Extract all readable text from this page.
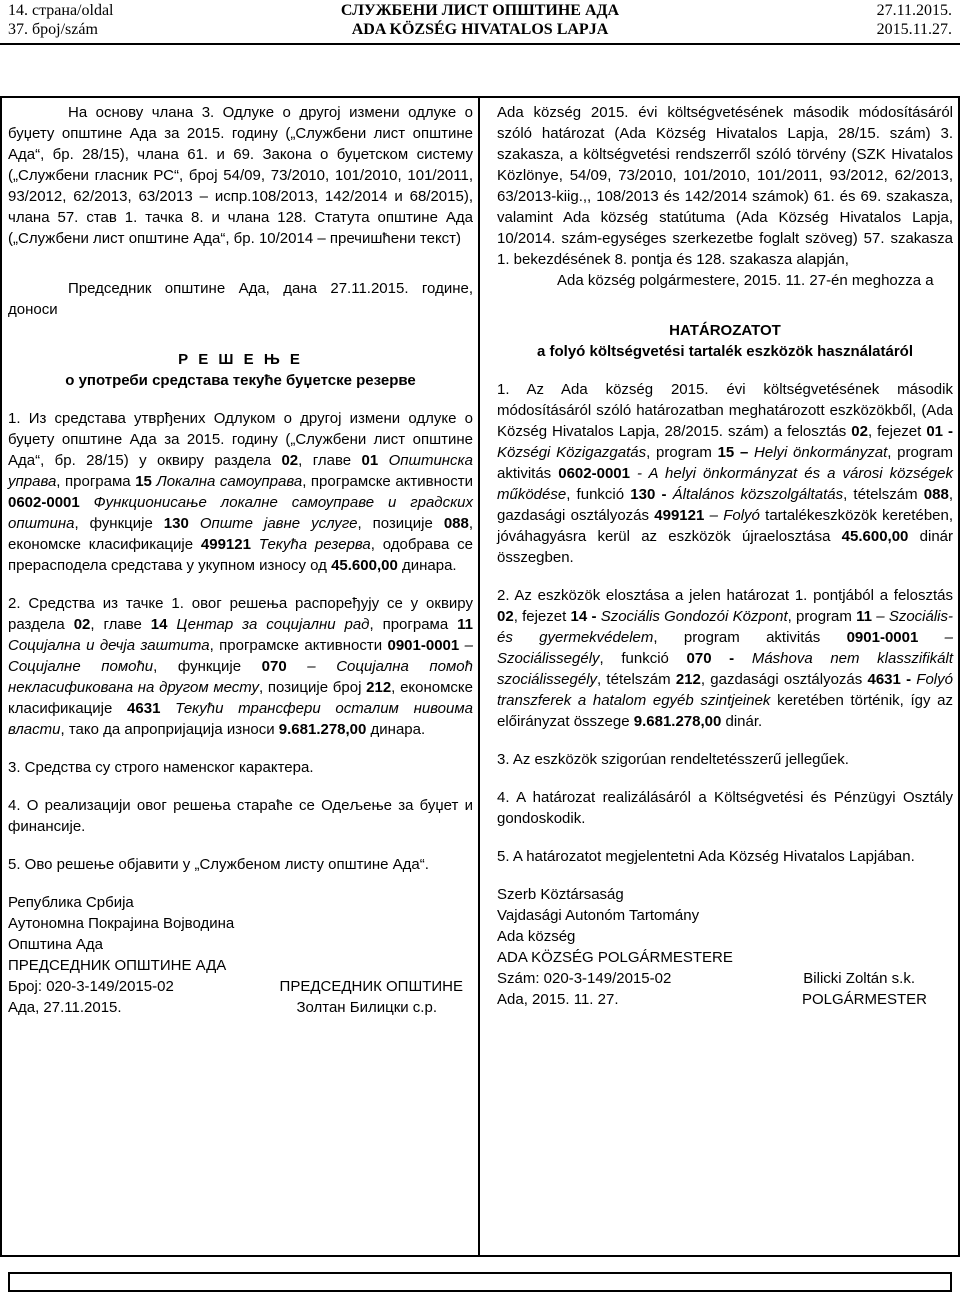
14. страна/oldal
37. број/szám
СЛУЖБЕНИ ЛИСТ ОПШТИНЕ АДА
ADA KÖZSÉG HIVATALOS LAPJA
27.11.2015.
2015.11.27.

На основу члана 3. Одлуке о другој измени одлуке о буџету општине Ада за 2015. годину („Службени лист општине Ада“, бр. 28/15), члана 61. и 69. Закона о буџетском систему („Службени гласник РС“, број 54/09, 73/2010, 101/2010, 101/2011, 93/2012, 62/2013, 63/2013 – испр.108/2013, 142/2014 и 68/2015), члана 57. став 1. тачка 8. и члана 128. Статута општине Ада („Службени лист општине Ада“, бр. 10/2014 – пречишћени текст)

Председник општине Ада, дана 27.11.2015. године, доноси

Р Е Ш Е Њ Е

о употреби средстава текуће буџетске резерве

1. Из средстава утврђених Одлуком о другој измени одлуке о буџету општине Ада за 2015. годину („Службени лист општине Ада“, бр. 28/15) у оквиру раздела 02, главе 01 Општинска управа, програма 15 Локална самоуправа, програмске активности 0602-0001 Функционисање локалне самоуправе и градских општина, функције 130 Опште јавне услуге, позиције 088, економске класификације 499121 Текућа резерва, одобрава се прерасподела средстава у укупном износу од 45.600,00 динара.

2. Средства из тачке 1. овог решења распоређују се у оквиру раздела 02, главе 14 Центар за социјални рад, програма 11 Социјална и дечја заштита, програмске активности 0901-0001 – Социјалне помоћи, функције 070 – Социјална помоћ некласификована на другом месту, позиције број 212, економске класификације 4631 Текући трансфери осталим нивоима власти, тако да апропријација износи 9.681.278,00 динара.

3. Средства су строго наменског карактера.

4. О реализацији овог решења стараће се Одељење за буџет и финансије.

5. Ово решење објавити у „Службеном листу општине Ада“.

Република Србија

Аутономна Покрајина Војводина

Општина Ада

ПРЕДСЕДНИК ОПШТИНЕ АДА

Број: 020-3-149/2015-02	ПРЕДСЕДНИК ОПШТИНЕ
Ада, 27.11.2015.	Золтан Билицки с.р.

Ada község 2015. évi költségvetésének második módosításáról szóló határozat (Ada Község Hivatalos Lapja, 28/15. szám) 3. szakasza, a költségvetési rendszerről szóló törvény (SZK Hivatalos Közlönye, 54/09, 73/2010, 101/2010, 101/2011, 93/2012, 62/2013, 63/2013-kiig.,, 108/2013 és 142/2014 számok) 61. és 69. szakasza, valamint Ada község statútuma (Ada Község Hivatalos Lapja, 10/2014. szám-egységes szerkezetbe foglalt szöveg) 57. szakasza 1. bekezdésének 8. pontja és 128. szakasza alapján,

Ada község polgármestere, 2015. 11. 27-én meghozza a

HATÁROZATOT

a folyó költségvetési tartalék eszközök használatáról

1. Az Ada község 2015. évi költségvetésének második módosításáról szóló határozatban meghatározott eszközökből, (Ada Község Hivatalos Lapja, 28/2015. szám) a felosztás 02, fejezet 01 - Községi Közigazgatás, program 15 – Helyi önkormányzat, program aktivitás 0602-0001 - A helyi önkormányzat és a városi községek működése, funkció 130 - Általános közszolgáltatás, tételszám 088, gazdasági osztályozás 499121 – Folyó tartalékeszközök keretében, jóváhagyásra kerül az eszközök újraelosztása 45.600,00 dinár összegben.

2. Az eszközök elosztása a jelen határozat 1. pontjából a felosztás 02, fejezet 14 - Szociális Gondozói Központ, program 11 – Szociális- és gyermekvédelem, program aktivitás 0901-0001 – Szociálissegély, funkció 070 - Máshova nem klasszifikált szociálissegély, tételszám 212, gazdasági osztályozás 4631 - Folyó transzferek a hatalom egyéb szintjeinek keretében történik, így az előirányzat összege 9.681.278,00 dinár.

3. Az eszközök szigorúan rendeltetésszerű jellegűek.

4. A határozat realizálásáról a Költségvetési és Pénzügyi Osztály gondoskodik.

5. A határozatot megjelentetni Ada Község Hivatalos Lapjában.

Szerb Köztársaság

Vajdasági Autonóm Tartomány

Ada község

ADA KÖZSÉG POLGÁRMESTERE

Szám: 020-3-149/2015-02	Bilicki Zoltán s.k.
Ada, 2015. 11. 27.	POLGÁRMESTER
